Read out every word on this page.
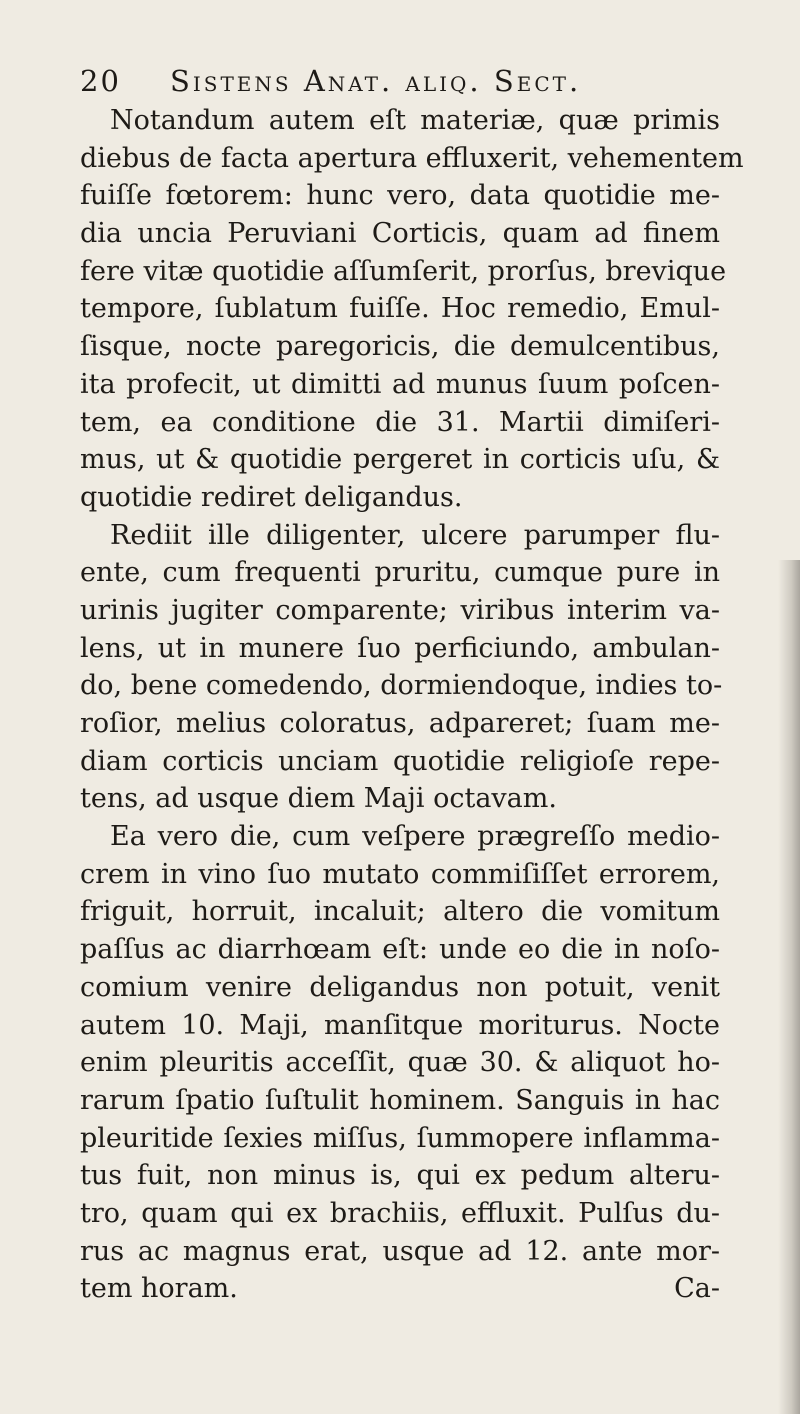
20 Sistens Anat. aliq. Sect.
Notandum autem eſt materiæ, quæ primis
diebus de facta apertura effluxerit, vehementem
fuiſſe fœtorem: hunc vero, data quotidie me-
dia uncia Peruviani Corticis, quam ad finem
fere vitæ quotidie aſſumſerit, prorſus, brevique
tempore, ſublatum fuiſſe. Hoc remedio, Emul-
ſisque, nocte paregoricis, die demulcentibus,
ita profecit, ut dimitti ad munus ſuum poſcen-
tem, ea conditione die 31. Martii dimiſeri-
mus, ut & quotidie pergeret in corticis uſu, &
quotidie rediret deligandus.
Rediit ille diligenter, ulcere parumper flu-
ente, cum frequenti pruritu, cumque pure in
urinis jugiter comparente; viribus interim va-
lens, ut in munere ſuo perficiundo, ambulan-
do, bene comedendo, dormiendoque, indies to-
roſior, melius coloratus, adpareret; ſuam me-
diam corticis unciam quotidie religioſe repe-
tens, ad usque diem Maji octavam.
Ea vero die, cum veſpere prægreſſo medio-
crem in vino ſuo mutato commiſiſſet errorem,
friguit, horruit, incaluit; altero die vomitum
paſſus ac diarrhœam eſt: unde eo die in noſo-
comium venire deligandus non potuit, venit
autem 10. Maji, manſitque moriturus. Nocte
enim pleuritis acceſſit, quæ 30. & aliquot ho-
rarum ſpatio ſuſtulit hominem. Sanguis in hac
pleuritide ſexies miſſus, ſummopere inflamma-
tus fuit, non minus is, qui ex pedum alteru-
tro, quam qui ex brachiis, effluxit. Pulſus du-
rus ac magnus erat, usque ad 12. ante mor-
tem horam.	Ca-
